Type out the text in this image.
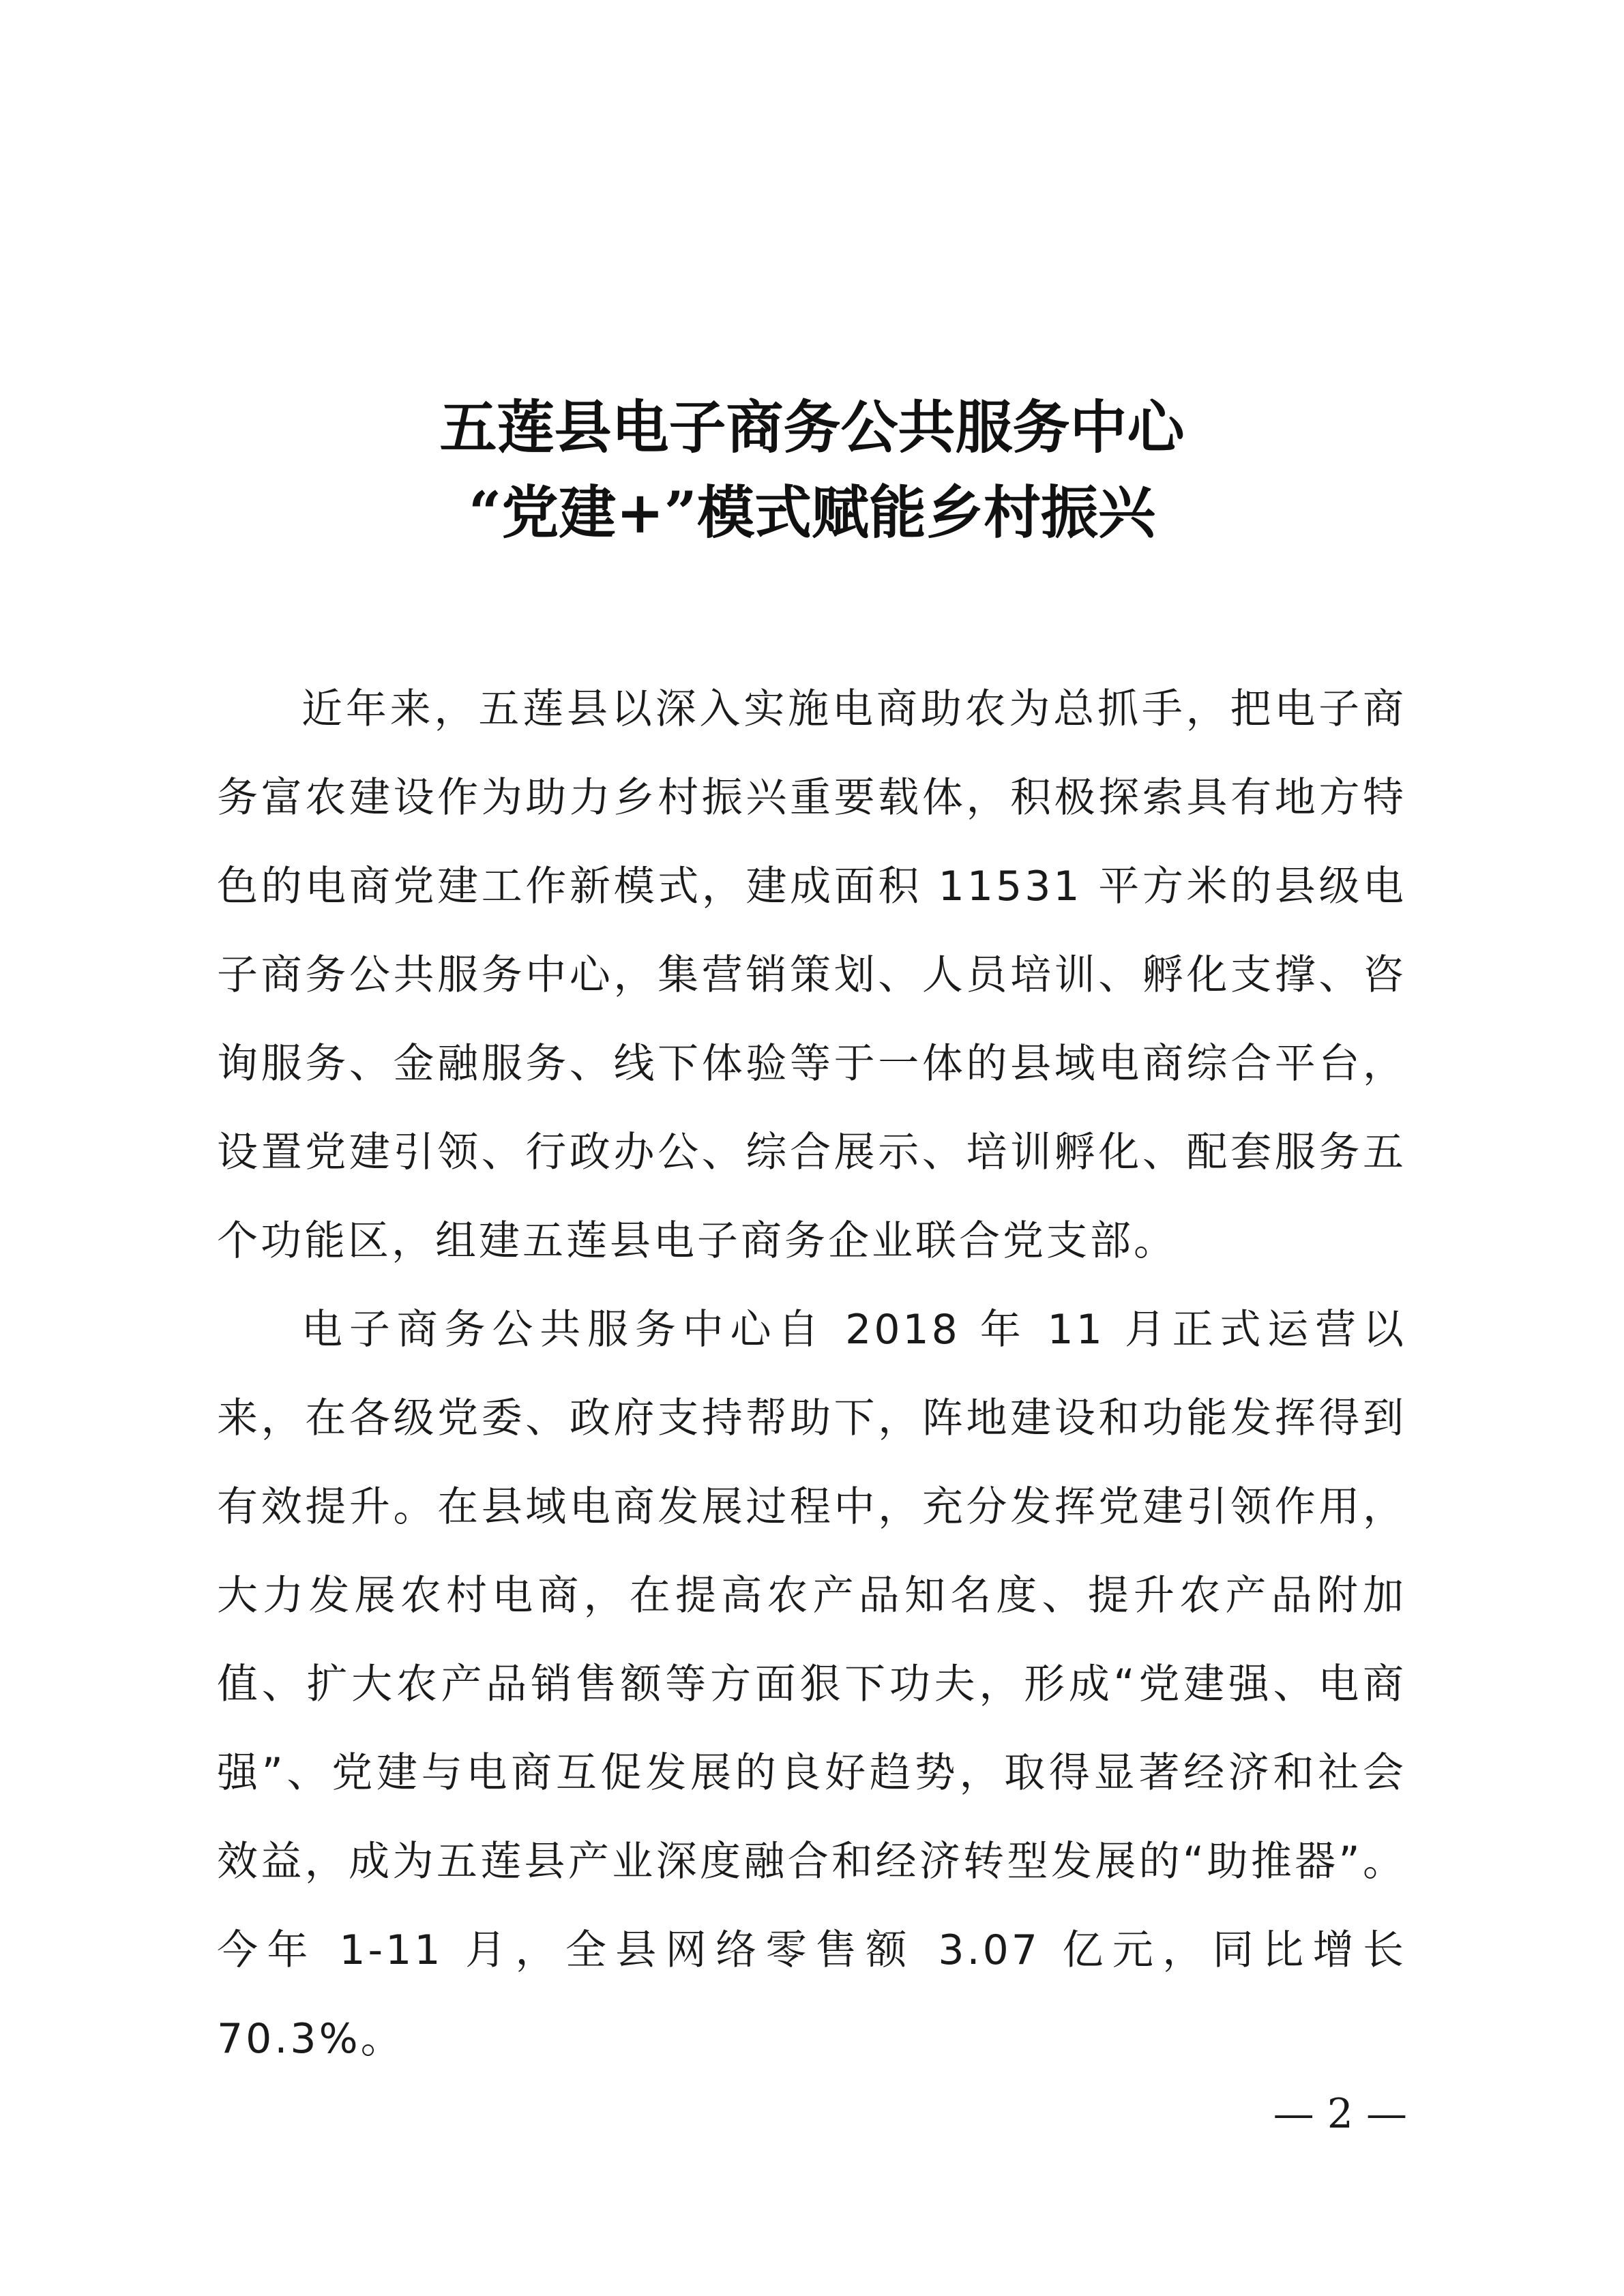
五莲县电子商务公共服务中心
“党建+”模式赋能乡村振兴

近年来，五莲县以深入实施电商助农为总抓手，把电子商务富农建设作为助力乡村振兴重要载体，积极探索具有地方特色的电商党建工作新模式，建成面积 11531 平方米的县级电子商务公共服务中心，集营销策划、人员培训、孵化支撑、咨询服务、金融服务、线下体验等于一体的县域电商综合平台，设置党建引领、行政办公、综合展示、培训孵化、配套服务五个功能区，组建五莲县电子商务企业联合党支部。

电子商务公共服务中心自 2018 年 11 月正式运营以来，在各级党委、政府支持帮助下，阵地建设和功能发挥得到有效提升。在县域电商发展过程中，充分发挥党建引领作用，大力发展农村电商，在提高农产品知名度、提升农产品附加值、扩大农产品销售额等方面狠下功夫，形成“党建强、电商强”、党建与电商互促发展的良好趋势，取得显著经济和社会效益，成为五莲县产业深度融合和经济转型发展的“助推器”。今年 1-11 月，全县网络零售额 3.07 亿元，同比增长 70.3%。

— 2 —
